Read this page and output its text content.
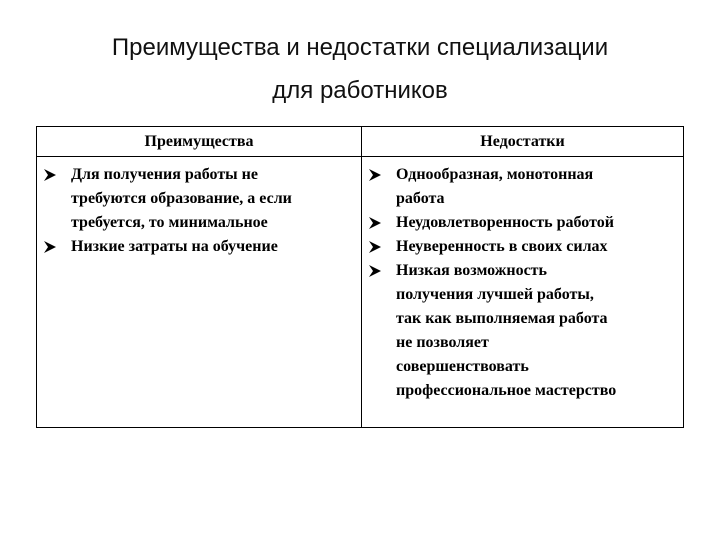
Преимущества и недостатки специализации
для работников
Преимущества	Недостатки
Для получения работы не
требуются образование, а если
требуется, то минимальное
Низкие затраты на обучение
Однообразная, монотонная
работа
Неудовлетворенность работой
Неуверенность в своих силах
Низкая возможность
получения лучшей работы,
так как выполняемая работа
не позволяет
совершенствовать
профессиональное мастерство
